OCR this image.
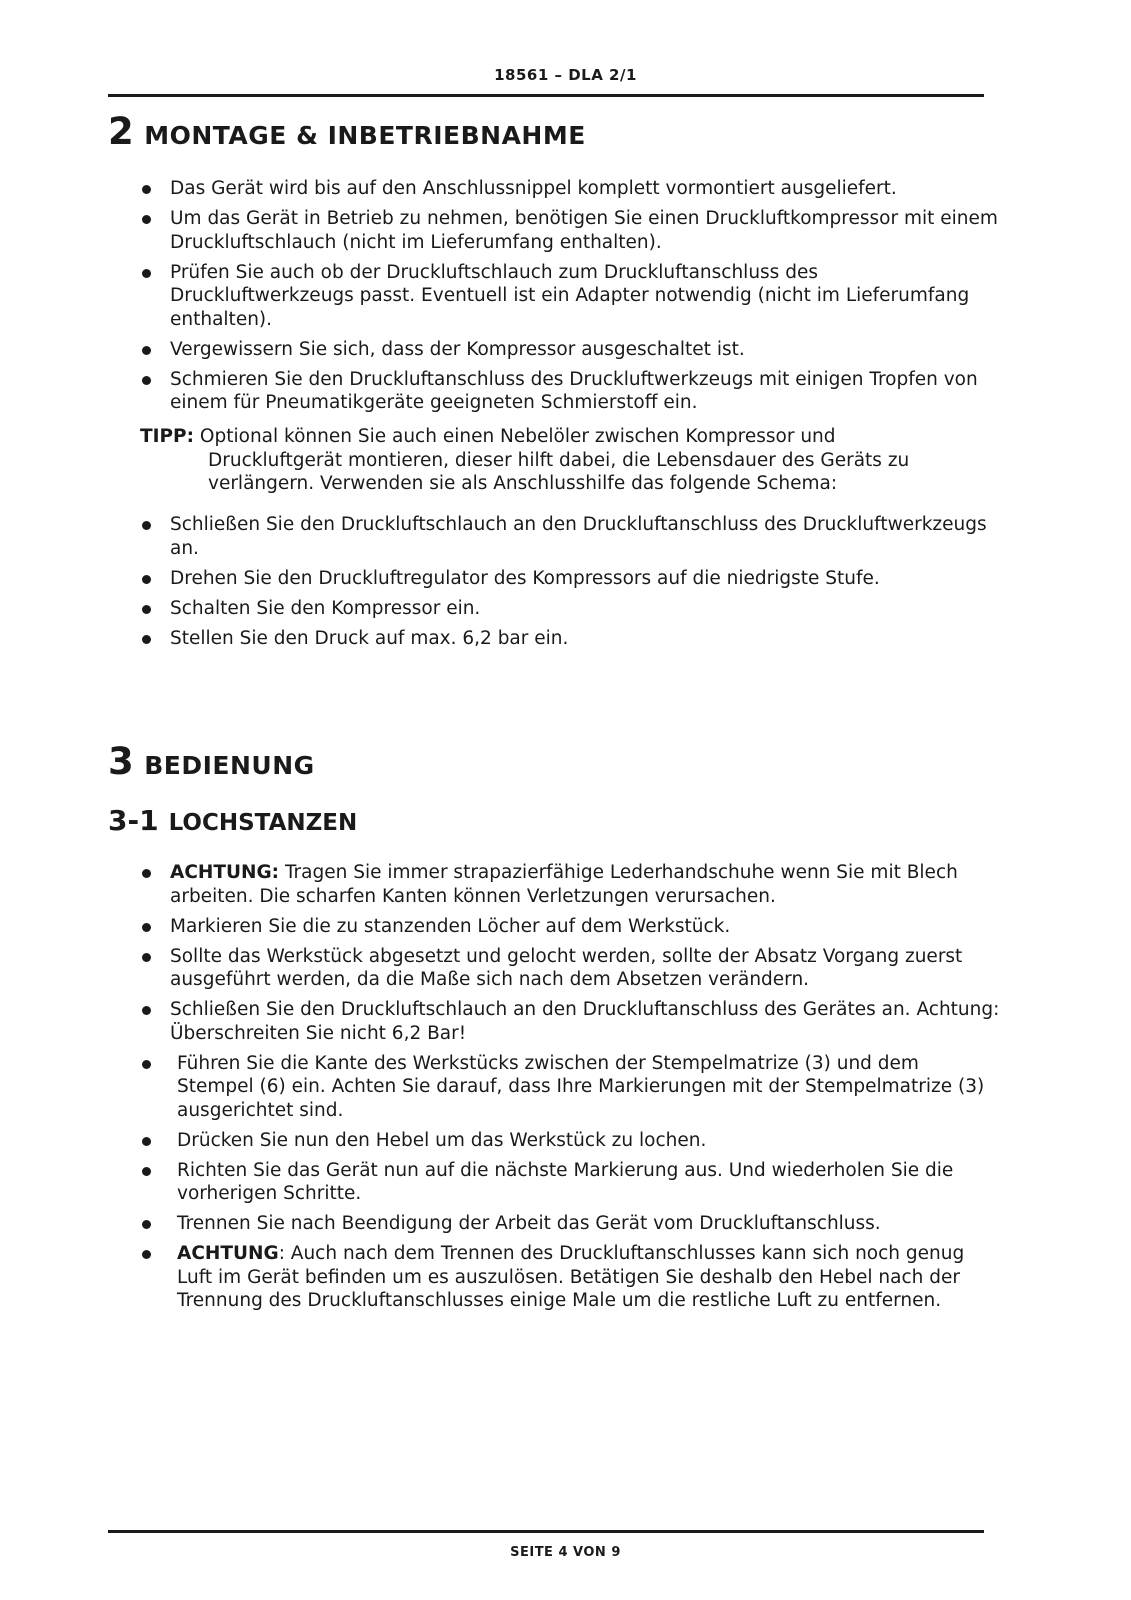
18561 – DLA 2/1
2 MONTAGE & INBETRIEBNAHME
Das Gerät wird bis auf den Anschlussnippel komplett vormontiert ausgeliefert.
Um das Gerät in Betrieb zu nehmen, benötigen Sie einen Druckluftkompressor mit einem Druckluftschlauch (nicht im Lieferumfang enthalten).
Prüfen Sie auch ob der Druckluftschlauch zum Druckluftanschluss des Druckluftwerkzeugs passt. Eventuell ist ein Adapter notwendig (nicht im Lieferumfang enthalten).
Vergewissern Sie sich, dass der Kompressor ausgeschaltet ist.
Schmieren Sie den Druckluftanschluss des Druckluftwerkzeugs mit einigen Tropfen von einem für Pneumatikgeräte geeigneten Schmierstoff ein.
TIPP: Optional können Sie auch einen Nebelöler zwischen Kompressor und
Druckluftgerät montieren, dieser hilft dabei, die Lebensdauer des Geräts zu verlängern. Verwenden sie als Anschlusshilfe das folgende Schema:
Schließen Sie den Druckluftschlauch an den Druckluftanschluss des Druckluftwerkzeugs an.
Drehen Sie den Druckluftregulator des Kompressors auf die niedrigste Stufe.
Schalten Sie den Kompressor ein.
Stellen Sie den Druck auf max. 6,2 bar ein.
3 BEDIENUNG
3-1 LOCHSTANZEN
ACHTUNG: Tragen Sie immer strapazierfähige Lederhandschuhe wenn Sie mit Blech arbeiten. Die scharfen Kanten können Verletzungen verursachen.
Markieren Sie die zu stanzenden Löcher auf dem Werkstück.
Sollte das Werkstück abgesetzt und gelocht werden, sollte der Absatz Vorgang zuerst ausgeführt werden, da die Maße sich nach dem Absetzen verändern.
Schließen Sie den Druckluftschlauch an den Druckluftanschluss des Gerätes an. Achtung: Überschreiten Sie nicht 6,2 Bar!
Führen Sie die Kante des Werkstücks zwischen der Stempelmatrize (3) und dem Stempel (6) ein. Achten Sie darauf, dass Ihre Markierungen mit der Stempelmatrize (3) ausgerichtet sind.
Drücken Sie nun den Hebel um das Werkstück zu lochen.
Richten Sie das Gerät nun auf die nächste Markierung aus. Und wiederholen Sie die vorherigen Schritte.
Trennen Sie nach Beendigung der Arbeit das Gerät vom Druckluftanschluss.
ACHTUNG: Auch nach dem Trennen des Druckluftanschlusses kann sich noch genug Luft im Gerät befinden um es auszulösen. Betätigen Sie deshalb den Hebel nach der Trennung des Druckluftanschlusses einige Male um die restliche Luft zu entfernen.
SEITE 4 VON 9
